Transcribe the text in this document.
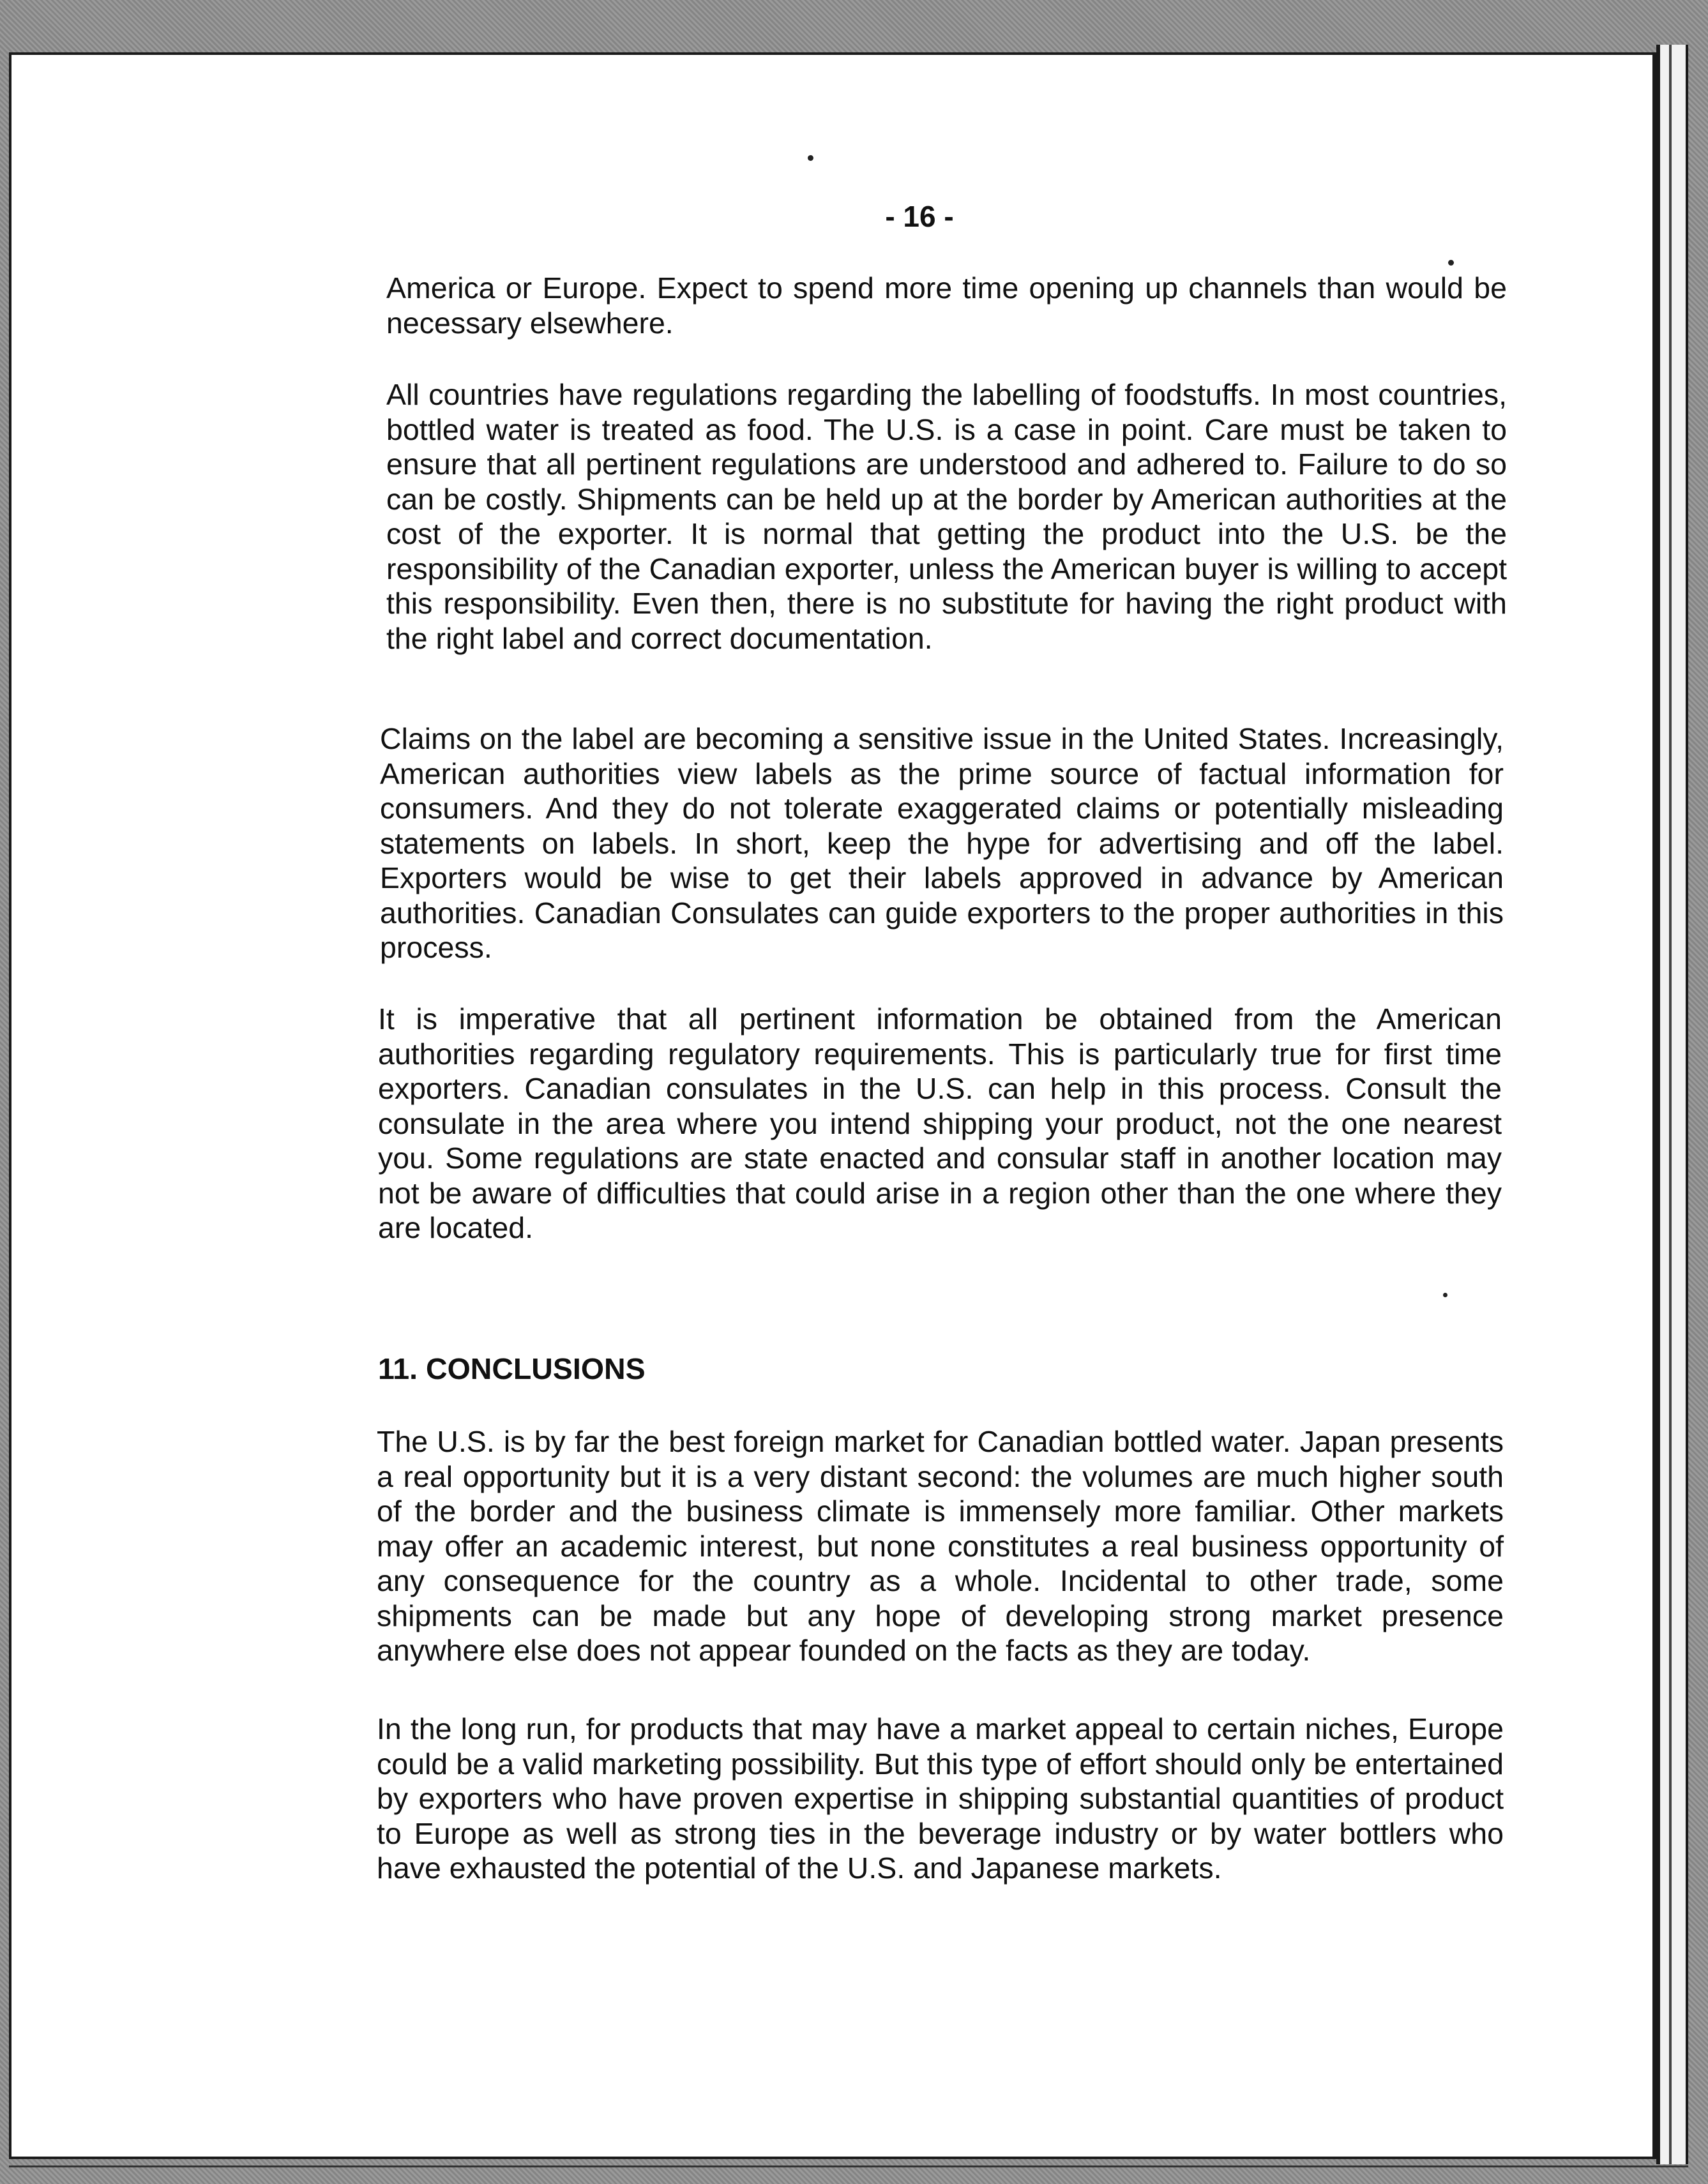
- 16 -

America or Europe. Expect to spend more time opening up channels than would be necessary elsewhere.

All countries have regulations regarding the labelling of foodstuffs. In most countries, bottled water is treated as food. The U.S. is a case in point. Care must be taken to ensure that all pertinent regulations are understood and adhered to. Failure to do so can be costly. Shipments can be held up at the border by American authorities at the cost of the exporter. It is normal that getting the product into the U.S. be the responsibility of the Canadian exporter, unless the American buyer is willing to accept this responsibility. Even then, there is no substitute for having the right product with the right label and correct documentation.

Claims on the label are becoming a sensitive issue in the United States. Increasingly, American authorities view labels as the prime source of factual information for consumers. And they do not tolerate exaggerated claims or potentially misleading statements on labels. In short, keep the hype for advertising and off the label. Exporters would be wise to get their labels approved in advance by American authorities. Canadian Consulates can guide exporters to the proper authorities in this process.

It is imperative that all pertinent information be obtained from the American authorities regarding regulatory requirements. This is particularly true for first time exporters. Canadian consulates in the U.S. can help in this process. Consult the consulate in the area where you intend shipping your product, not the one nearest you. Some regulations are state enacted and consular staff in another location may not be aware of difficulties that could arise in a region other than the one where they are located.

11. CONCLUSIONS

The U.S. is by far the best foreign market for Canadian bottled water. Japan presents a real opportunity but it is a very distant second: the volumes are much higher south of the border and the business climate is immensely more familiar. Other markets may offer an academic interest, but none constitutes a real business opportunity of any consequence for the country as a whole. Incidental to other trade, some shipments can be made but any hope of developing strong market presence anywhere else does not appear founded on the facts as they are today.

In the long run, for products that may have a market appeal to certain niches, Europe could be a valid marketing possibility. But this type of effort should only be entertained by exporters who have proven expertise in shipping substantial quantities of product to Europe as well as strong ties in the beverage industry or by water bottlers who have exhausted the potential of the U.S. and Japanese markets.
